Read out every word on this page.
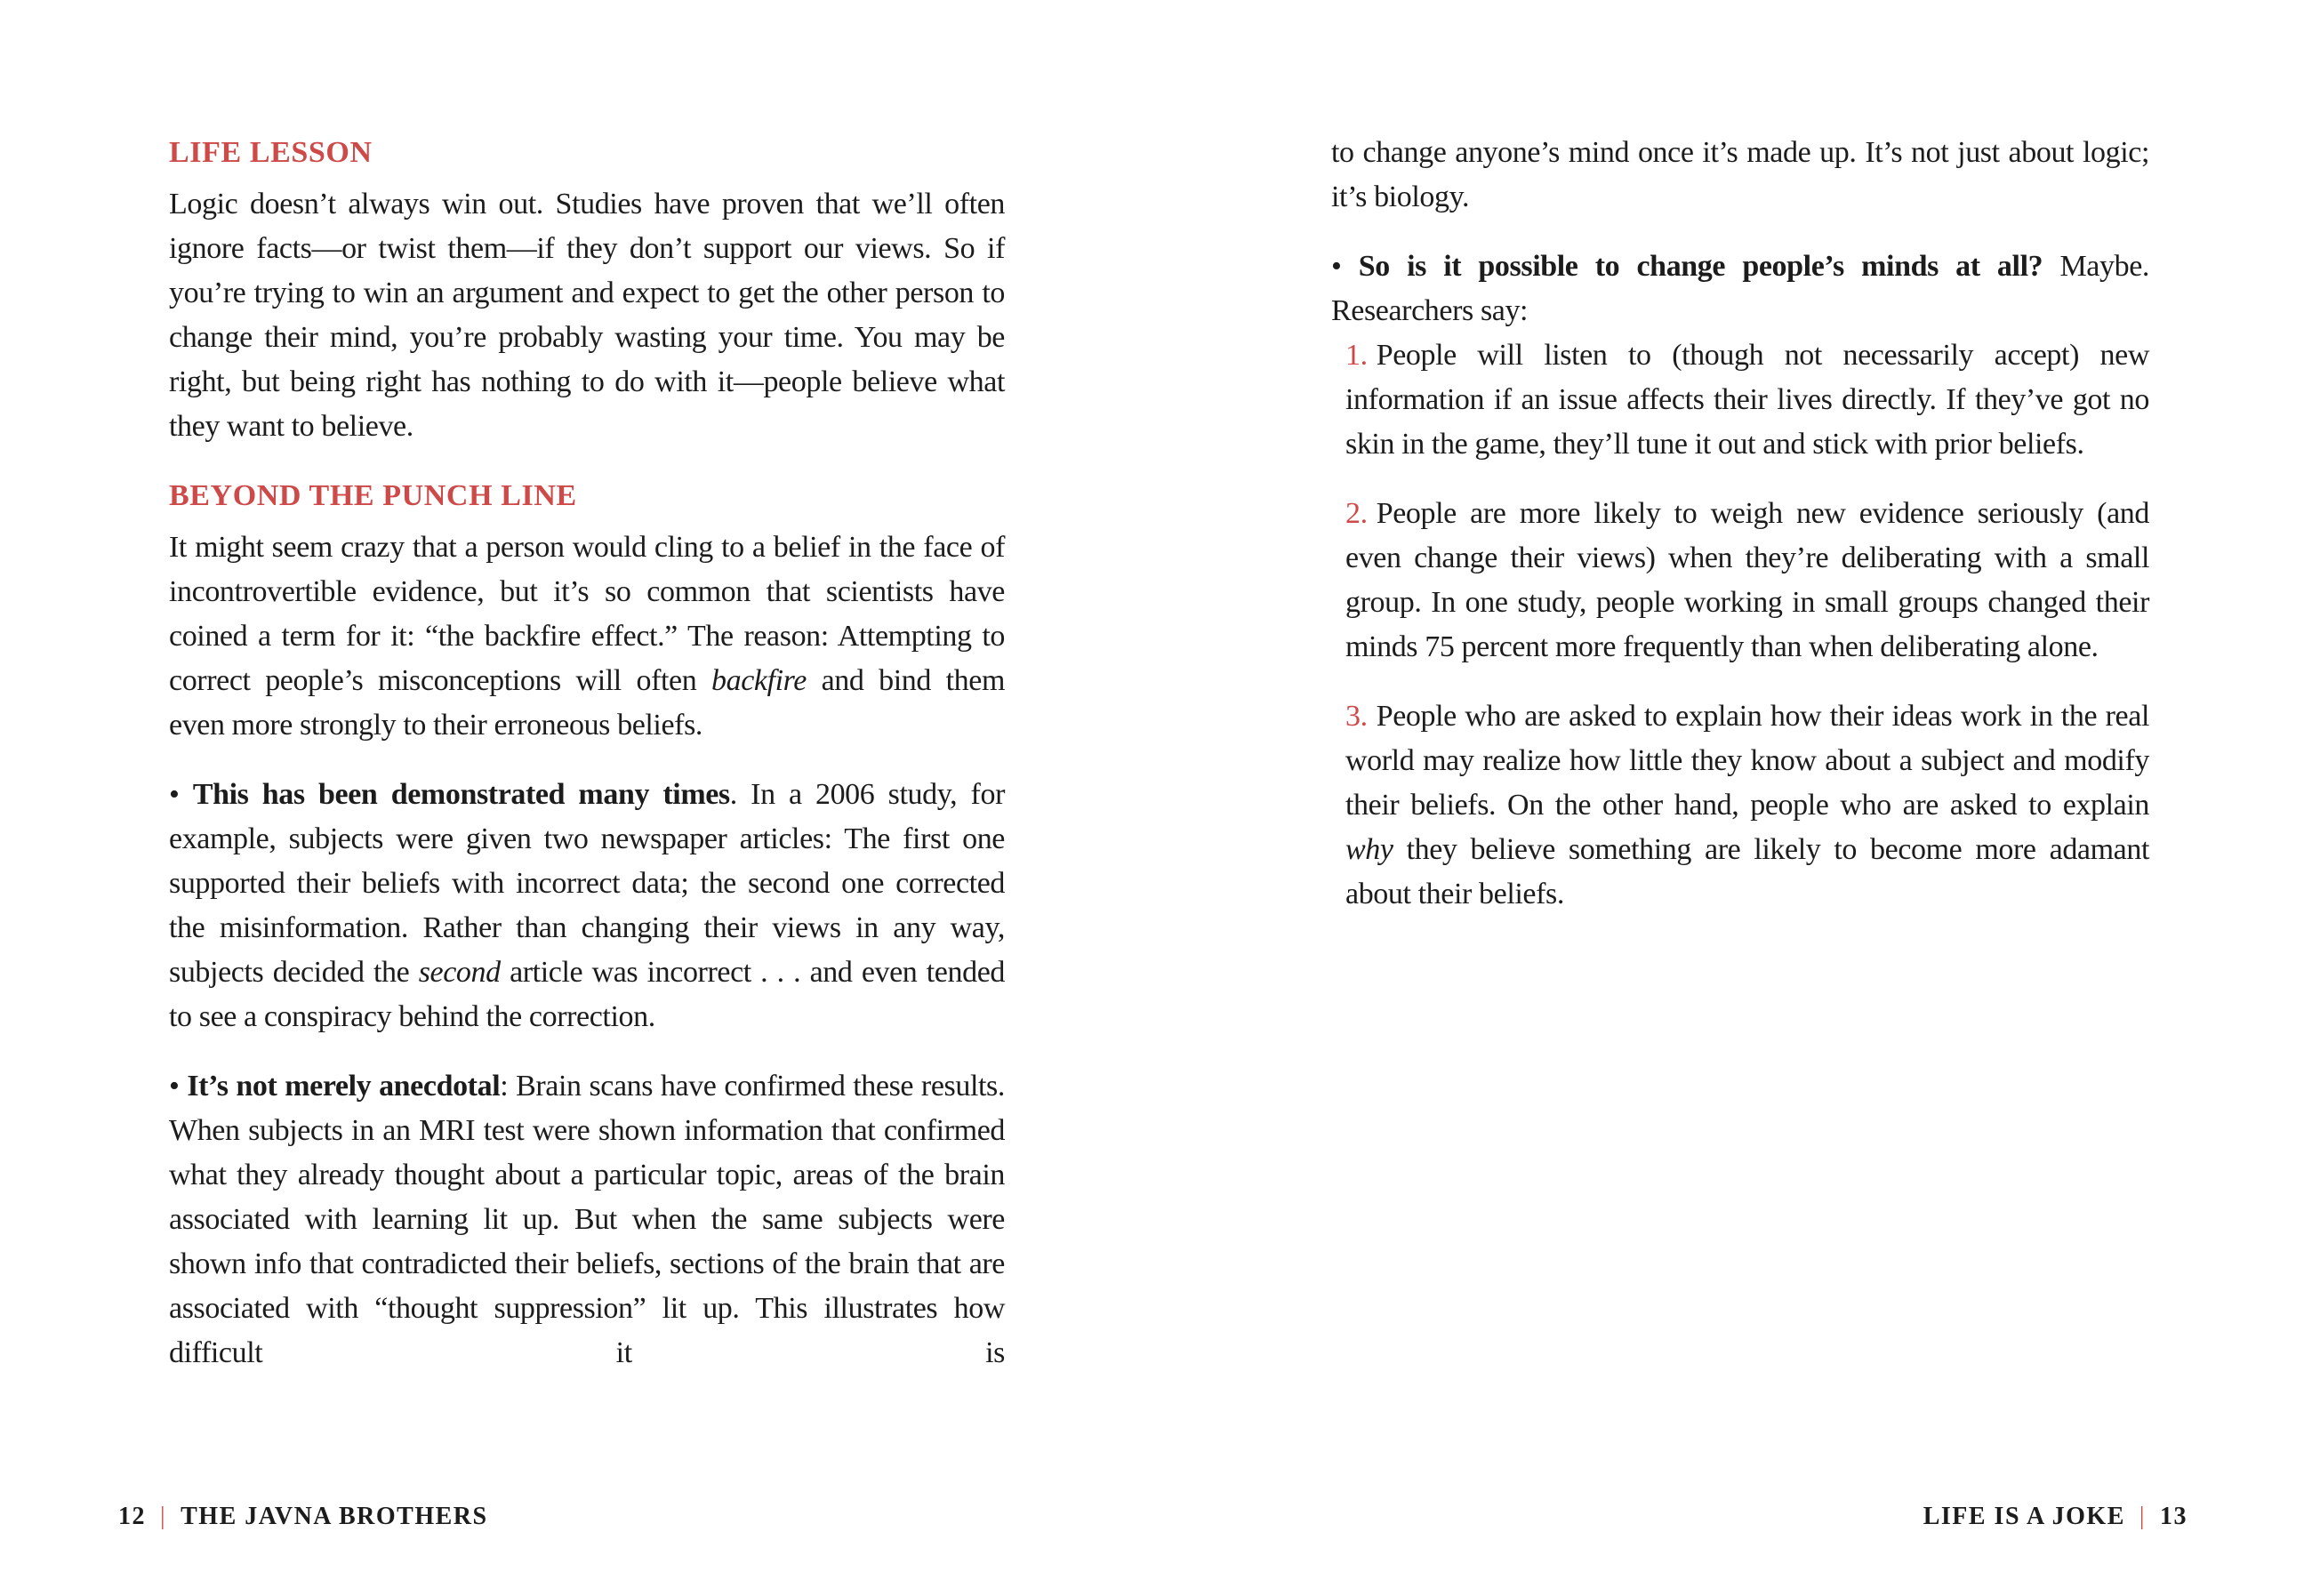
LIFE LESSON

Logic doesn’t always win out. Studies have proven that we’ll often ignore facts—or twist them—if they don’t support our views. So if you’re trying to win an argument and expect to get the other person to change their mind, you’re probably wasting your time. You may be right, but being right has nothing to do with it—people believe what they want to believe.

BEYOND THE PUNCH LINE

It might seem crazy that a person would cling to a belief in the face of incontrovertible evidence, but it’s so common that scientists have coined a term for it: “the backfire effect.” The reason: Attempting to correct people’s misconceptions will often backfire and bind them even more strongly to their erroneous beliefs.

• This has been demonstrated many times. In a 2006 study, for example, subjects were given two newspaper articles: The first one supported their beliefs with incorrect data; the second one corrected the misinformation. Rather than changing their views in any way, subjects decided the second article was incorrect . . . and even tended to see a conspiracy behind the correction.

• It’s not merely anecdotal: Brain scans have confirmed these results. When subjects in an MRI test were shown information that confirmed what they already thought about a particular topic, areas of the brain associated with learning lit up. But when the same subjects were shown info that contradicted their beliefs, sections of the brain that are associated with “thought suppression” lit up. This illustrates how difficult it is

to change anyone’s mind once it’s made up. It’s not just about logic; it’s biology.

• So is it possible to change people’s minds at all? Maybe. Researchers say:

1. People will listen to (though not necessarily accept) new information if an issue affects their lives directly. If they’ve got no skin in the game, they’ll tune it out and stick with prior beliefs.

2. People are more likely to weigh new evidence seriously (and even change their views) when they’re deliberating with a small group. In one study, people working in small groups changed their minds 75 percent more frequently than when deliberating alone.

3. People who are asked to explain how their ideas work in the real world may realize how little they know about a subject and modify their beliefs. On the other hand, people who are asked to explain why they believe something are likely to become more adamant about their beliefs.

12 | THE JAVNA BROTHERS	LIFE IS A JOKE | 13
